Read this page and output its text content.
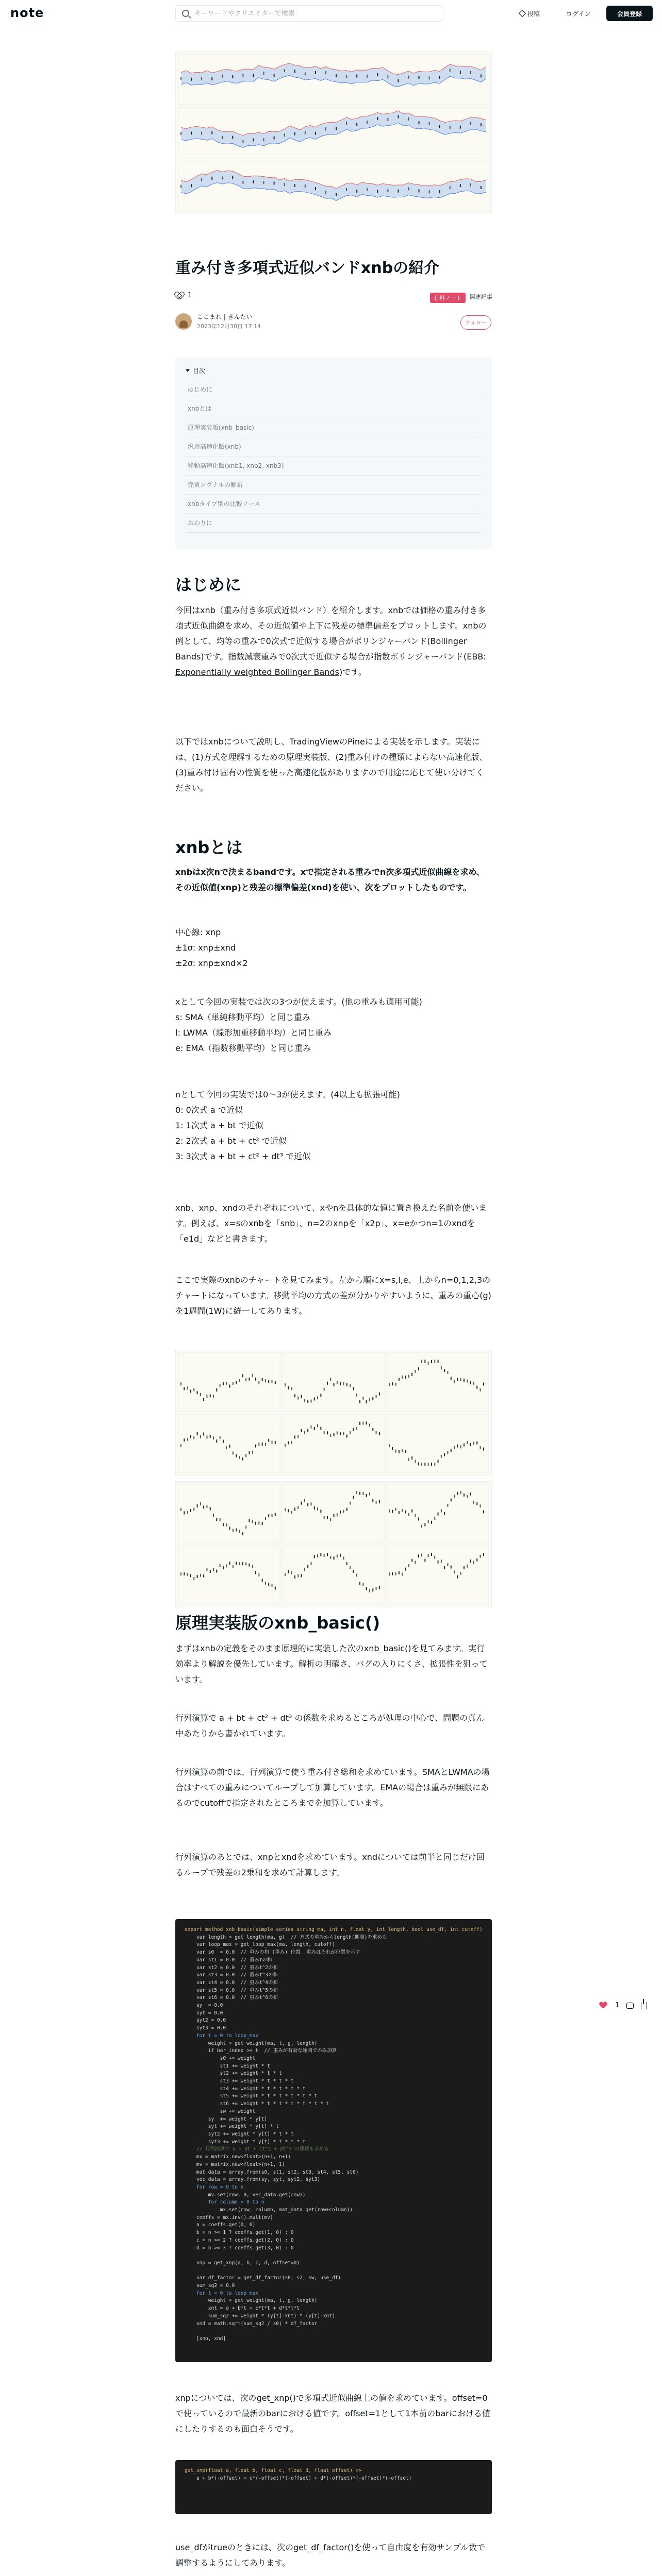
note
キーワードやクリエイターで検索	投稿	ログイン	会員登録
重み付き多項式近似バンドxnbの紹介
1	有料ノート	関連記事
ここまれ | きんたい
2023年12月30日 17:14
フォロー
目次
はじめに
xnbとは
原理実装版(xnb_basic)
汎用高速化版(xnb)
移動高速化版(xnb1, xnb2, xnb3)
売買シグナルの解析
xnbタイプ別の比較ソース
おわりに
はじめに
今回はxnb（重み付き多項式近似バンド）を紹介します。xnbでは価格の重み付き多項式近似曲線を求め、その近似値や上下に残差の標準偏差をプロットします。xnbの例として、均等の重みで0次式で近似する場合がボリンジャーバンド(Bollinger Bands)です。指数減衰重みで0次式で近似する場合が指数ボリンジャーバンド(EBB: Exponentially weighted Bollinger Bands)です。
以下ではxnbについて説明し、TradingViewのPineによる実装を示します。実装には、(1)方式を理解するための原理実装版、(2)重み付けの種類によらない高速化版、(3)重み付け固有の性質を使った高速化版がありますので用途に応じて使い分けてください。
xnbとは
xnbはx次nで決まるbandです。xで指定される重みでn次多項式近似曲線を求め、その近似値(xnp)と残差の標準偏差(xnd)を使い、次をプロットしたものです。
中心線: xnp
±1σ: xnp±xnd
±2σ: xnp±xnd×2
xとして今回の実装では次の3つが使えます。(他の重みも適用可能)
s: SMA（単純移動平均）と同じ重み
l: LWMA（線形加重移動平均）と同じ重み
e: EMA（指数移動平均）と同じ重み
nとして今回の実装では0〜3が使えます。(4以上も拡張可能)
0: 0次式 a で近似
1: 1次式 a + bt で近似
2: 2次式 a + bt + ct² で近似
3: 3次式 a + bt + ct² + dt³ で近似
xnb、xnp、xndのそれぞれについて、xやnを具体的な値に置き換えた名前を使います。例えば、x=sのxnbを「snb」、n=2のxnpを「x2p」、x=eかつn=1のxndを「e1d」などと書きます。
ここで実際のxnbのチャートを見てみます。左から順にx=s,l,e、上からn=0,1,2,3のチャートになっています。移動平均の方式の差が分かりやすいように、重みの重心(g)を1週間(1W)に統一してあります。
原理実装版のxnb_basic()
まずはxnbの定義をそのまま原理的に実装した次のxnb_basic()を見てみます。実行効率より解説を優先しています。解析の明確さ、バグの入りにくさ、拡張性を狙っています。
行列演算で a + bt + ct² + dt³ の係数を求めるところが処理の中心で、問題の真ん中あたりから書かれています。
行列演算の前では、行列演算で使う重み付き総和を求めています。SMAとLWMAの場合はすべての重みについてループして加算しています。EMAの場合は重みが無限にあるのでcutoffで指定されたところまでを加算しています。
行列演算のあとでは、xnpとxndを求めています。xndについては前半と同じだけ回るループで残差の2乗和を求めて計算します。
export method xnb_basic(simple series string ma, int n, float y, int length, bool use_df, int cutoff)
var length = get_length(ma, g)  // 方式の重みからlength(期間)を求める
var loop_max = get_loop_max(ma, length, cutoff)
var s0  = 0.0  // 重みの和 (重み) 位置  重みはそれが位置を示す
var st1 = 0.0  // 重みtの和
var st2 = 0.0  // 重みt^2の和
var st3 = 0.0  // 重みt^3の和
var st4 = 0.0  // 重みt^4の和
var st5 = 0.0  // 重みt^5の和
var st6 = 0.0  // 重みt^6の和
sy  = 0.0
syt = 0.0
syt2 = 0.0
syt3 = 0.0
for t = 0 to loop_max
weight = get_weight(ma, t, g, length)
if bar_index >= t  // 重みが有効な範囲でのみ加算
s0 += weight
st1 += weight * t
st2 += weight * t * t
st3 += weight * t * t * t
st4 += weight * t * t * t * t
st5 += weight * t * t * t * t * t
st6 += weight * t * t * t * t * t * t
sw += weight
sy  += weight * y[t]
syt += weight * y[t] * t
syt2 += weight * y[t] * t * t
syt3 += weight * y[t] * t * t * t
// 行列演算で a + bt + ct^2 + dt^3 の係数を求める
mx = matrix.new<float>(n+1, n+1)
mv = matrix.new<float>(n+1, 1)
mat_data = array.from(s0, st1, st2, st3, st4, st5, st6)
vec_data = array.from(sy, syt, syt2, syt3)
for row = 0 to n
mv.set(row, 0, vec_data.get(row))
for column = 0 to n
mx.set(row, column, mat_data.get(row+column))
coeffs = mx.inv().mult(mv)
a = coeffs.get(0, 0)
b = n >= 1 ? coeffs.get(1, 0) : 0
c = n >= 2 ? coeffs.get(2, 0) : 0
d = n >= 3 ? coeffs.get(3, 0) : 0

xnp = get_xnp(a, b, c, d, offset=0)

var df_factor = get_df_factor(s0, s2, sw, use_df)
sum_sq2 = 0.0
for t = 0 to loop_max
weight = get_weight(ma, t, g, length)
xnt = a + b*t + c*t*t + d*t*t*t
sum_sq2 += weight * (y[t]-xnt) * (y[t]-xnt)
xnd = math.sqrt(sum_sq2 / s0) * df_factor

[xnp, xnd]
xnpについては、次のget_xnp()で多項式近似曲線上の値を求めています。offset=0で使っているので最新のbarにおける値です。offset=1として1本前のbarにおける値にしたりするのも面白そうです。
get_xnp(float a, float b, float c, float d, float offset) =>
a + b*(-offset) + c*(-offset)*(-offset) + d*(-offset)*(-offset)*(-offset)
use_dfがtrueのときには、次のget_df_factor()を使って自由度を有効サンプル数で調整するようにしてあります。
1
